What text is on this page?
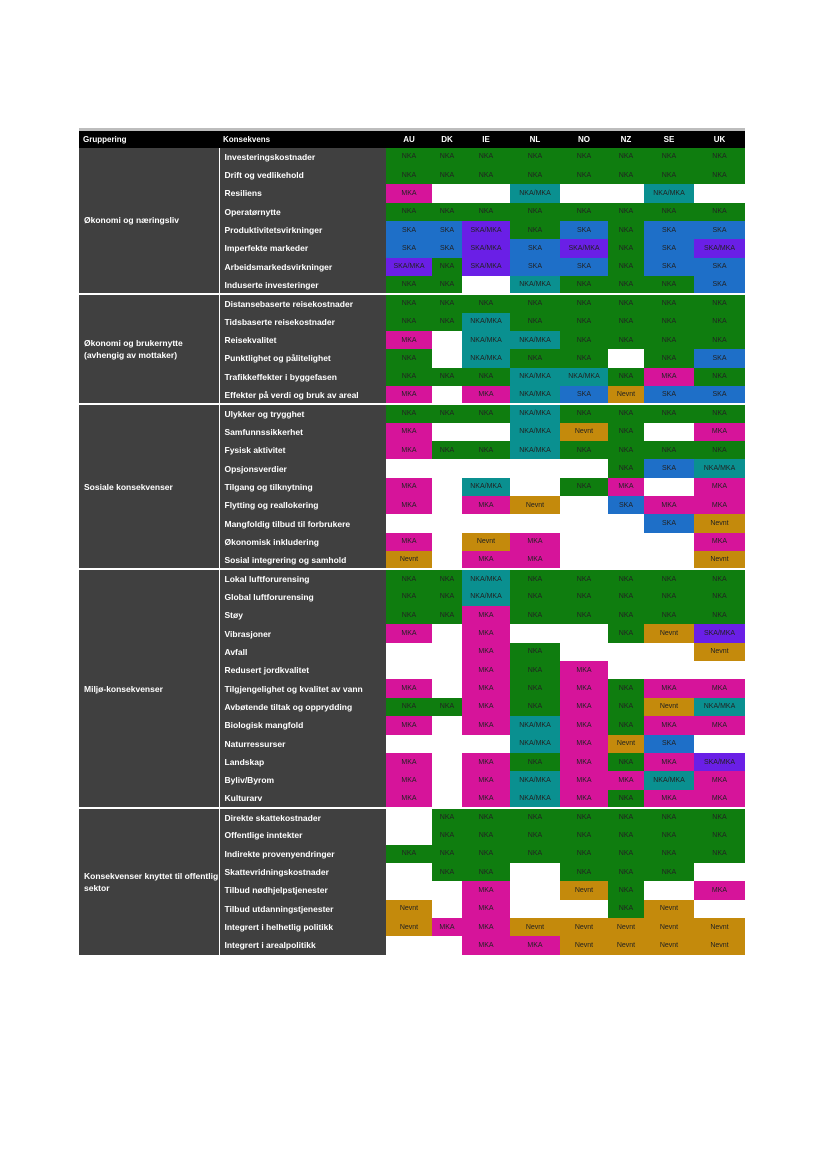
Gruppering	Konsekvens	AU	DK	IE	NL	NO	NZ	SE	UK
Økonomi og næringsliv	Investeringskostnader	NKA	NKA	NKA	NKA	NKA	NKA	NKA	NKA
	Drift og vedlikehold	NKA	NKA	NKA	NKA	NKA	NKA	NKA	NKA
	Resiliens	MKA			NKA/MKA			NKA/MKA	
	Operatørnytte	NKA	NKA	NKA	NKA	NKA	NKA	NKA	NKA
	Produktivitetsvirkninger	SKA	SKA	SKA/MKA	NKA	SKA	NKA	SKA	SKA
	Imperfekte markeder	SKA	SKA	SKA/MKA	SKA	SKA/MKA	NKA	SKA	SKA/MKA
	Arbeidsmarkedsvirkninger	SKA/MKA	NKA	SKA/MKA	SKA	SKA	NKA	SKA	SKA
	Induserte investeringer	NKA	NKA		NKA/MKA	NKA	NKA	NKA	SKA
Økonomi og brukernytte (avhengig av mottaker)	Distansebaserte reisekostnader	NKA	NKA	NKA	NKA	NKA	NKA	NKA	NKA
	Tidsbaserte reisekostnader	NKA	NKA	NKA/MKA	NKA	NKA	NKA	NKA	NKA
	Reisekvalitet	MKA		NKA/MKA	NKA/MKA	NKA	NKA	NKA	NKA
	Punktlighet og pålitelighet	NKA		NKA/MKA	NKA	NKA		NKA	SKA
	Trafikkeffekter i byggefasen	NKA	NKA	NKA	NKA/MKA	NKA/MKA	NKA	MKA	NKA
	Effekter på verdi og bruk av areal	MKA		MKA	NKA/MKA	SKA	Nevnt	SKA	SKA
Sosiale konsekvenser	Ulykker og trygghet	NKA	NKA	NKA	NKA/MKA	NKA	NKA	NKA	NKA
	Samfunnssikkerhet	MKA			NKA/MKA	Nevnt	NKA		MKA
	Fysisk aktivitet	MKA	NKA	NKA	NKA/MKA	NKA	NKA	NKA	NKA
	Opsjonsverdier						NKA	SKA	NKA/MKA
	Tilgang og tilknytning	MKA		NKA/MKA		NKA	MKA		MKA
	Flytting og reallokering	MKA		MKA	Nevnt		SKA	MKA	MKA
	Mangfoldig tilbud til forbrukere							SKA	Nevnt
	Økonomisk inkludering	MKA		Nevnt	MKA				MKA
	Sosial integrering og samhold	Nevnt		MKA	MKA				Nevnt
Miljø-konsekvenser	Lokal luftforurensing	NKA	NKA	NKA/MKA	NKA	NKA	NKA	NKA	NKA
	Global luftforurensing	NKA	NKA	NKA/MKA	NKA	NKA	NKA	NKA	NKA
	Støy	NKA	NKA	MKA	NKA	NKA	NKA	NKA	NKA
	Vibrasjoner	MKA		MKA			NKA	Nevnt	SKA/MKA
	Avfall			MKA	NKA				Nevnt
	Redusert jordkvalitet			MKA	NKA	MKA			
	Tilgjengelighet og kvalitet av vann	MKA		MKA	NKA	MKA	NKA	MKA	MKA
	Avbøtende tiltak og opprydding	NKA	NKA	MKA	NKA	MKA	NKA	Nevnt	NKA/MKA
	Biologisk mangfold	MKA		MKA	NKA/MKA	MKA	NKA	MKA	MKA
	Naturressurser				NKA/MKA	MKA	Nevnt	SKA	
	Landskap	MKA		MKA	NKA	MKA	NKA	MKA	SKA/MKA
	Byliv/Byrom	MKA		MKA	NKA/MKA	MKA	MKA	NKA/MKA	MKA
	Kulturarv	MKA		MKA	NKA/MKA	MKA	NKA	MKA	MKA
Konsekvenser knyttet til offentlig sektor	Direkte skattekostnader		NKA	NKA	NKA	NKA	NKA	NKA	NKA
	Offentlige inntekter		NKA	NKA	NKA	NKA	NKA	NKA	NKA
	Indirekte provenyendringer	NKA	NKA	NKA	NKA	NKA	NKA	NKA	NKA
	Skattevridningskostnader		NKA	NKA		NKA	NKA	NKA	
	Tilbud nødhjelpstjenester			MKA		Nevnt	NKA		MKA
	Tilbud utdanningstjenester	Nevnt		MKA			NKA	Nevnt	
	Integrert i helhetlig politikk	Nevnt	MKA	MKA	Nevnt	Nevnt	Nevnt	Nevnt	Nevnt
	Integrert i arealpolitikk			MKA	MKA	Nevnt	Nevnt	Nevnt	Nevnt
